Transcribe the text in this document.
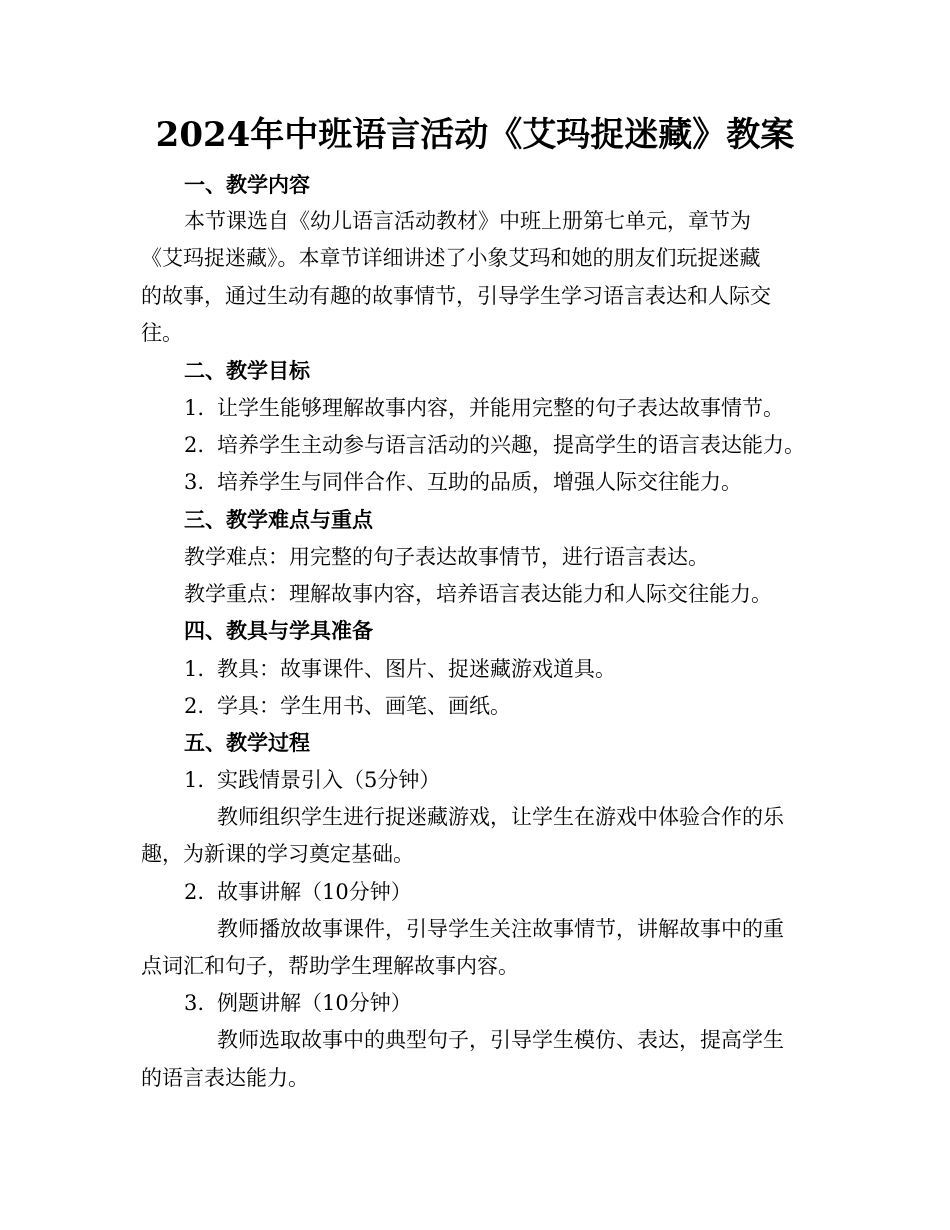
2024年中班语言活动《艾玛捉迷藏》教案
一、教学内容
本节课选自《幼儿语言活动教材》中班上册第七单元，章节为
《艾玛捉迷藏》。本章节详细讲述了小象艾玛和她的朋友们玩捉迷藏
的故事，通过生动有趣的故事情节，引导学生学习语言表达和人际交
往。
二、教学目标
1. 让学生能够理解故事内容，并能用完整的句子表达故事情节。
2. 培养学生主动参与语言活动的兴趣，提高学生的语言表达能力。
3. 培养学生与同伴合作、互助的品质，增强人际交往能力。
三、教学难点与重点
教学难点：用完整的句子表达故事情节，进行语言表达。
教学重点：理解故事内容，培养语言表达能力和人际交往能力。
四、教具与学具准备
1. 教具：故事课件、图片、捉迷藏游戏道具。
2. 学具：学生用书、画笔、画纸。
五、教学过程
1. 实践情景引入（5分钟）
教师组织学生进行捉迷藏游戏，让学生在游戏中体验合作的乐
趣，为新课的学习奠定基础。
2. 故事讲解（10分钟）
教师播放故事课件，引导学生关注故事情节，讲解故事中的重
点词汇和句子，帮助学生理解故事内容。
3. 例题讲解（10分钟）
教师选取故事中的典型句子，引导学生模仿、表达，提高学生
的语言表达能力。
